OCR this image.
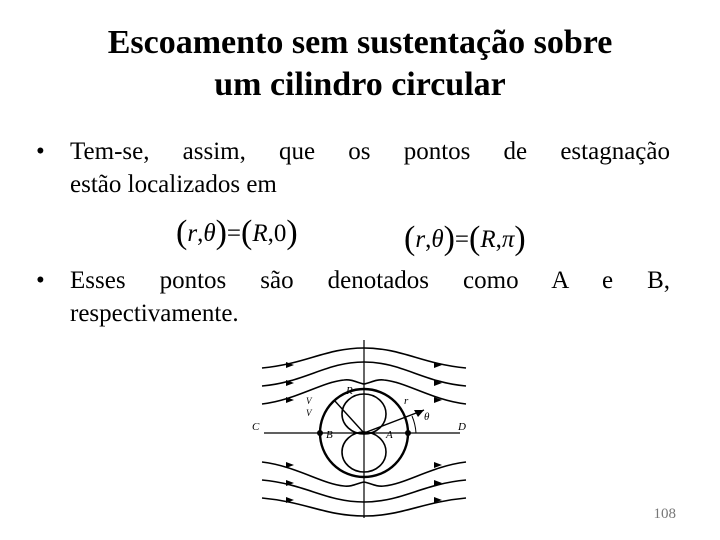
Escoamento sem sustentação sobre
um cilindro circular
• Tem-se, assim, que os pontos de estagnação
estão localizados em
(r,θ)=(R,0)	(r,θ)=(R,π)
• Esses pontos são denotados como A e B,
respectivamente.
R
C	D
A
B
r
θ
V
V
108
